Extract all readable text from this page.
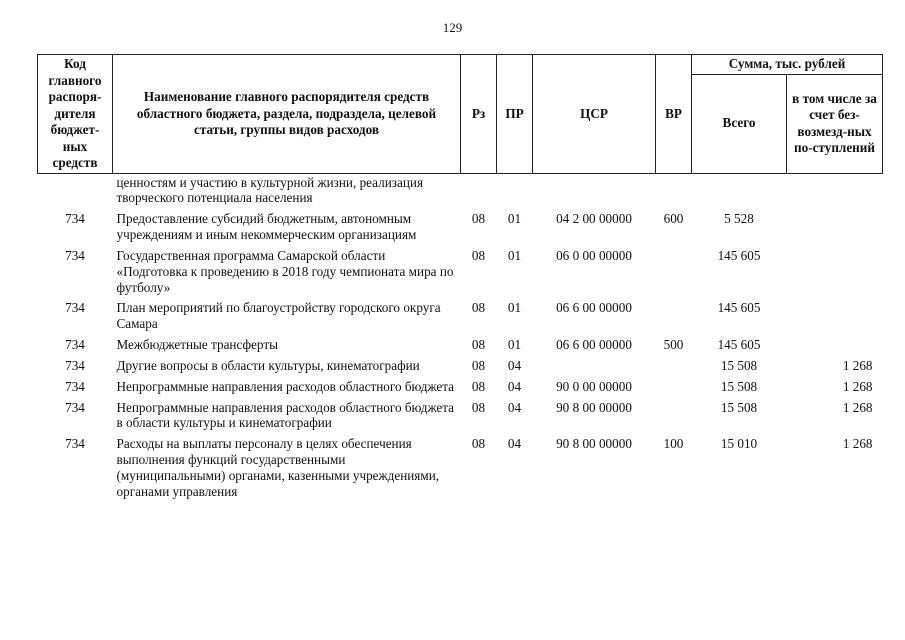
129
Код главного распоря-дителя бюджет-ных средств	Наименование главного распорядителя средств областного бюджета, раздела, подраздела, целевой статьи, группы видов расходов	Рз	ПР	ЦСР	ВР	Сумма, тыс. рублей	
						Всего	в том числе за счет без-возмезд-ных по-ступлений
	ценностям и участию в культурной жизни, реализация творческого потенциала населения						
734	Предоставление субсидий бюджетным, автономным учреждениям и иным некоммерческим организациям	08	01	04 2 00 00000	600	5 528	
734	Государственная программа Самарской области «Подготовка к проведению в 2018 году чемпионата мира по футболу»	08	01	06 0 00 00000		145 605	
734	План мероприятий по благоустройству городского округа Самара	08	01	06 6 00 00000		145 605	
734	Межбюджетные трансферты	08	01	06 6 00 00000	500	145 605	
734	Другие вопросы в области культуры, кинематографии	08	04			15 508	1 268
734	Непрограммные направления расходов областного бюджета	08	04	90 0 00 00000		15 508	1 268
734	Непрограммные направления расходов областного бюджета в области культуры и кинематографии	08	04	90 8 00 00000		15 508	1 268
734	Расходы на выплаты персоналу в целях обеспечения выполнения функций государственными (муниципальными) органами, казенными учреждениями, органами управления	08	04	90 8 00 00000	100	15 010	1 268
